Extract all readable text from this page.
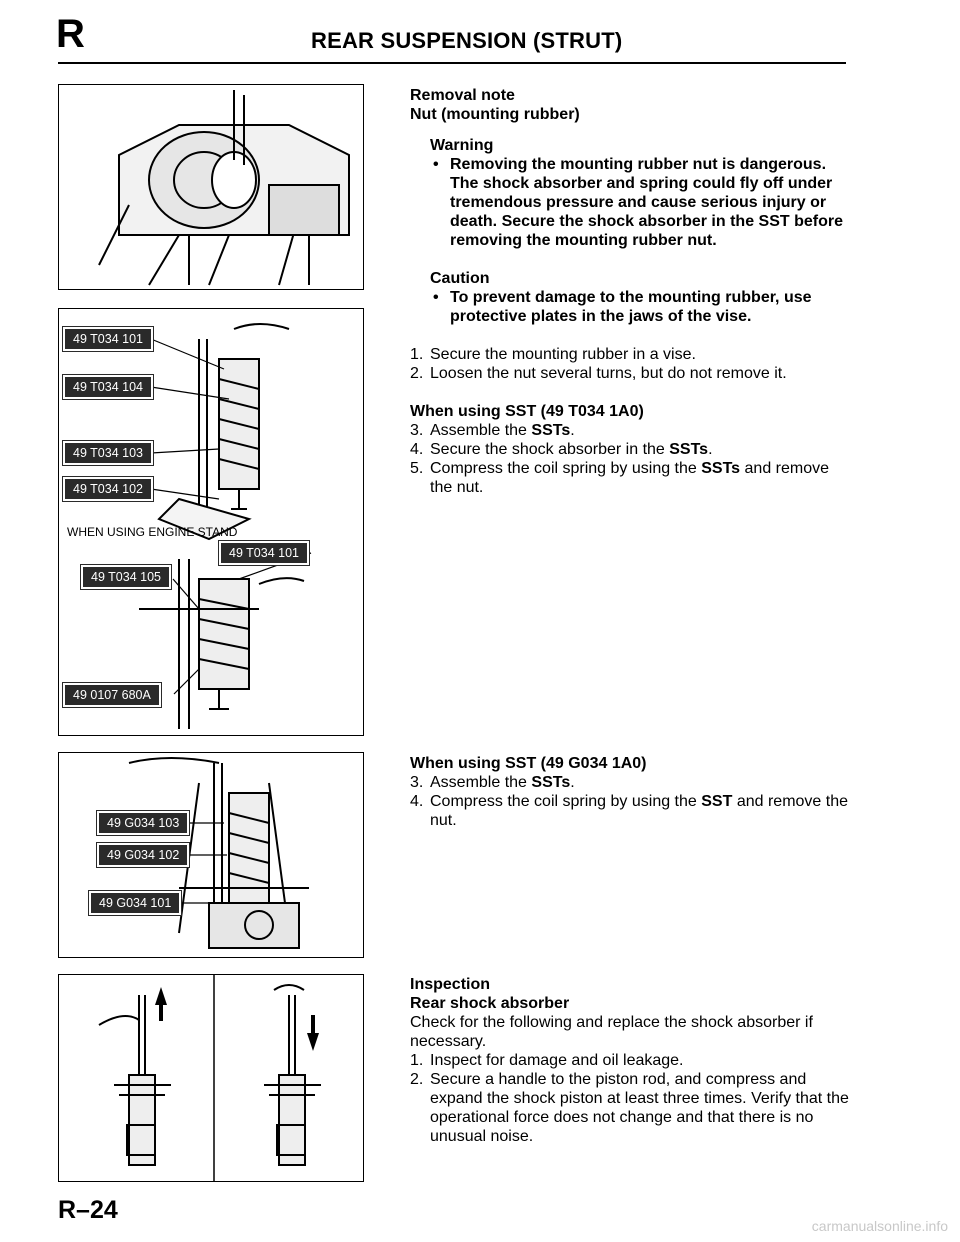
R	REAR SUSPENSION (STRUT)
49 T034 101
49 T034 104
49 T034 103
49 T034 102
WHEN USING ENGINE STAND
49 T034 101
49 T034 105
49 0107 680A
49 G034 103
49 G034 102
49 G034 101

Removal note

Nut (mounting rubber)

Warning

• Removing the mounting rubber nut is dangerous. The shock absorber and spring could fly off under tremendous pressure and cause serious injury or death. Secure the shock absorber in the SST before removing the mounting rubber nut.

Caution

• To prevent damage to the mounting rubber, use protective plates in the jaws of the vise.

1. Secure the mounting rubber in a vise.

2. Loosen the nut several turns, but do not remove it.

When using SST (49 T034 1A0)

3. Assemble the SSTs.

4. Secure the shock absorber in the SSTs.

5. Compress the coil spring by using the SSTs and remove the nut.

When using SST (49 G034 1A0)

3. Assemble the SSTs.

4. Compress the coil spring by using the SST and remove the nut.

Inspection

Rear shock absorber

Check for the following and replace the shock absorber if necessary.

1. Inspect for damage and oil leakage.

2. Secure a handle to the piston rod, and compress and expand the shock piston at least three times. Verify that the operational force does not change and that there is no unusual noise.

R–24
carmanualsonline.info
